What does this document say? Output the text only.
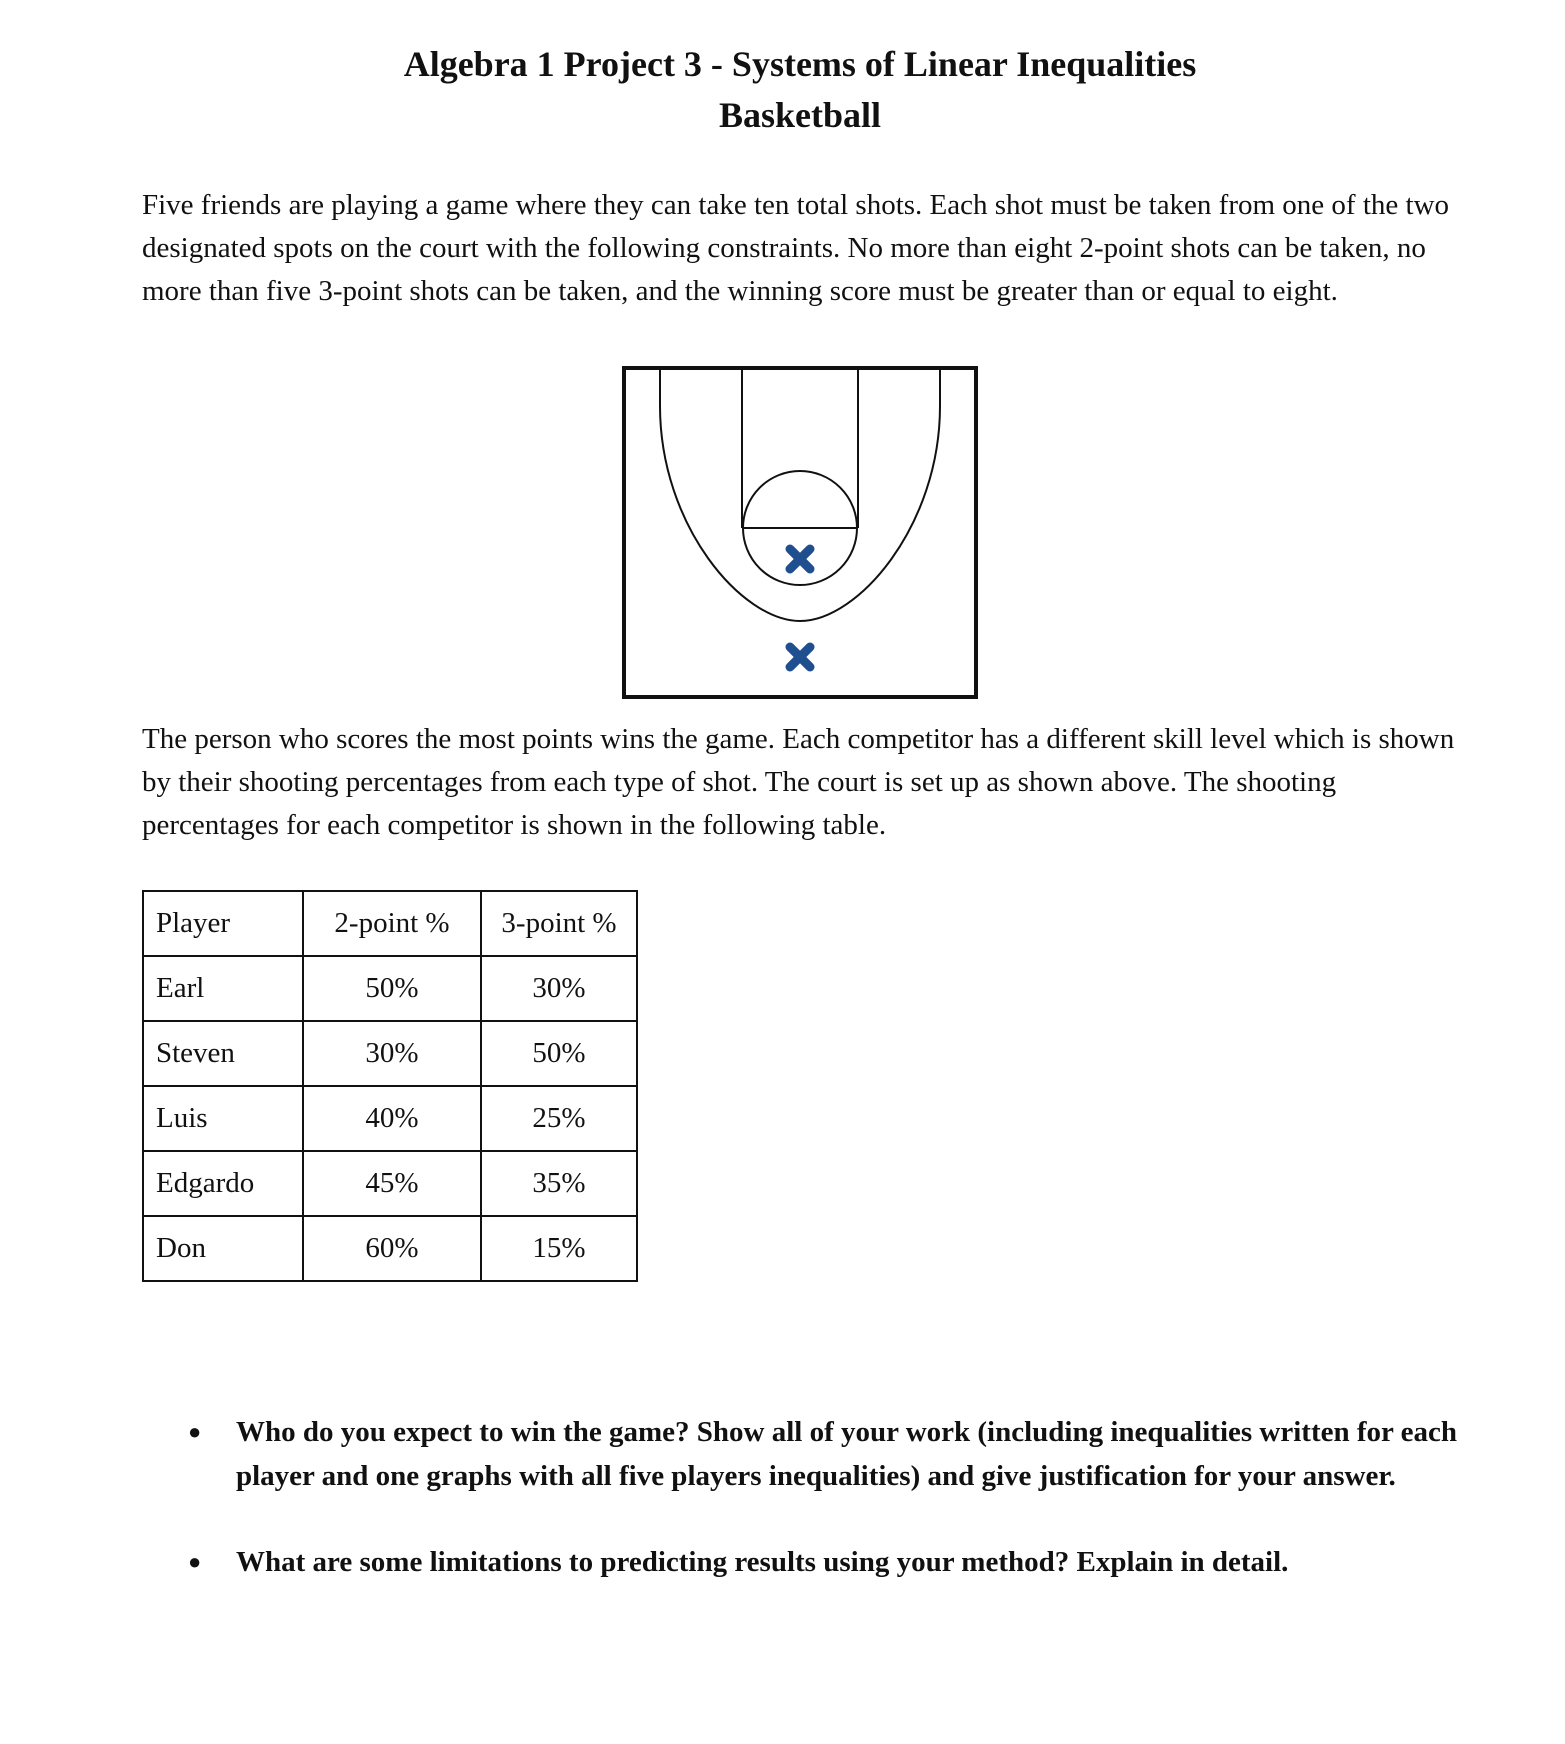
Algebra 1 Project 3 - Systems of Linear Inequalities
Basketball

Five friends are playing a game where they can take ten total shots. Each shot must be taken from one of the two designated spots on the court with the following constraints. No more than eight 2-point shots can be taken, no more than five 3-point shots can be taken, and the winning score must be greater than or equal to eight.

The person who scores the most points wins the game. Each competitor has a different skill level which is shown by their shooting percentages from each type of shot. The court is set up as shown above. The shooting percentages for each competitor is shown in the following table.

Player	2-point %	3-point %
Earl	50%	30%
Steven	30%	50%
Luis	40%	25%
Edgardo	45%	35%
Don	60%	15%
● Who do you expect to win the game? Show all of your work (including inequalities written for each player and one graphs with all five players inequalities) and give justification for your answer.
● What are some limitations to predicting results using your method? Explain in detail.
